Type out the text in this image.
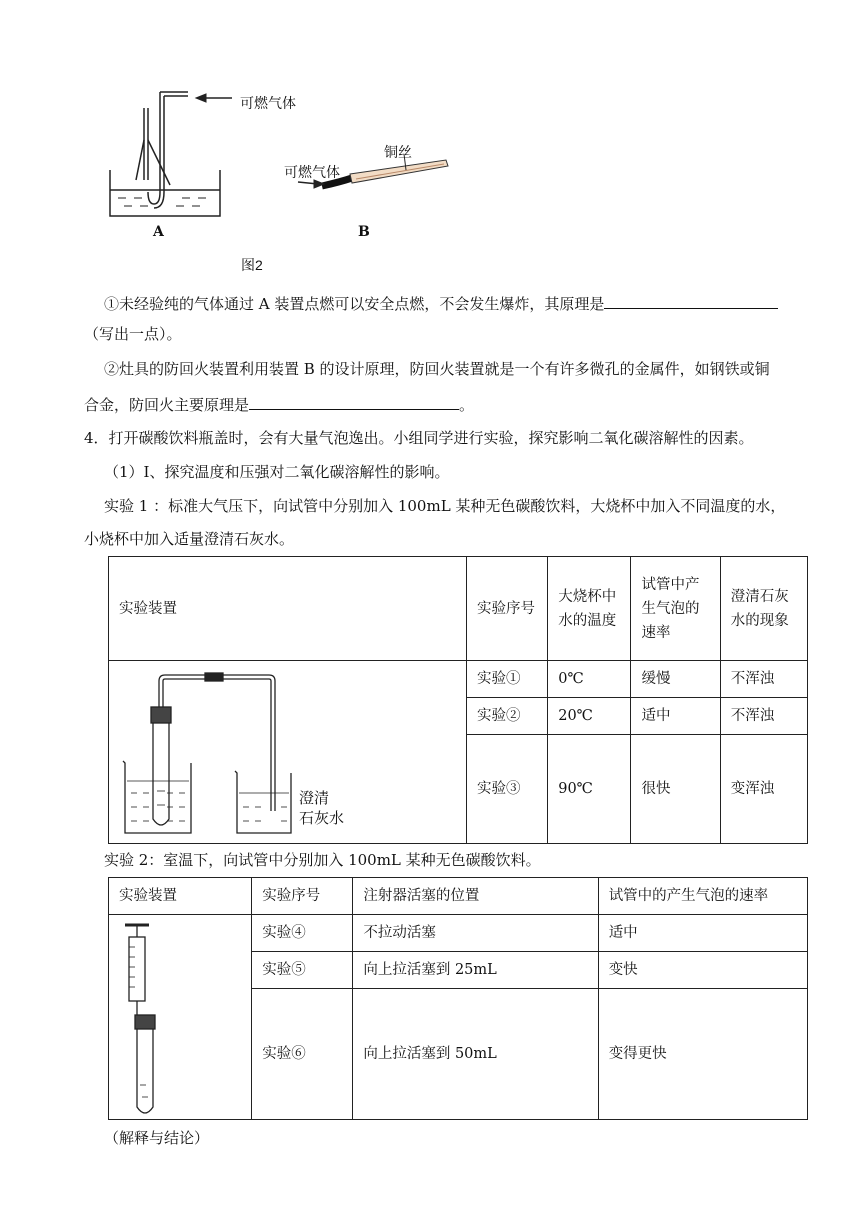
可燃气体
可燃气体
铜丝
A	B
图2
①未经验纯的气体通过 A 装置点燃可以安全点燃，不会发生爆炸，其原理是
（写出一点）。
②灶具的防回火装置利用装置 B 的设计原理，防回火装置就是一个有许多微孔的金属件，如钢铁或铜
合金，防回火主要原理是	。
4．打开碳酸饮料瓶盖时，会有大量气泡逸出。小组同学进行实验，探究影响二氧化碳溶解性的因素。
（1）Ⅰ、探究温度和压强对二氧化碳溶解性的影响。
实验 1 ：标准大气压下，向试管中分别加入 100mL 某种无色碳酸饮料，大烧杯中加入不同温度的水，
小烧杯中加入适量澄清石灰水。
实验装置	实验序号	大烧杯中水的温度	试管中产生气泡的速率	澄清石灰水的现象

澄清
石灰水	实验①	0℃	缓慢	不浑浊
	实验②	20℃	适中	不浑浊
	实验③	90℃	很快	变浑浊
实验 2：室温下，向试管中分别加入 100mL 某种无色碳酸饮料。
实验装置	实验序号	注射器活塞的位置	试管中的产生气泡的速率

	实验④	不拉动活塞	适中
	实验⑤	向上拉活塞到 25mL	变快
	实验⑥	向上拉活塞到 50mL	变得更快
（解释与结论）
